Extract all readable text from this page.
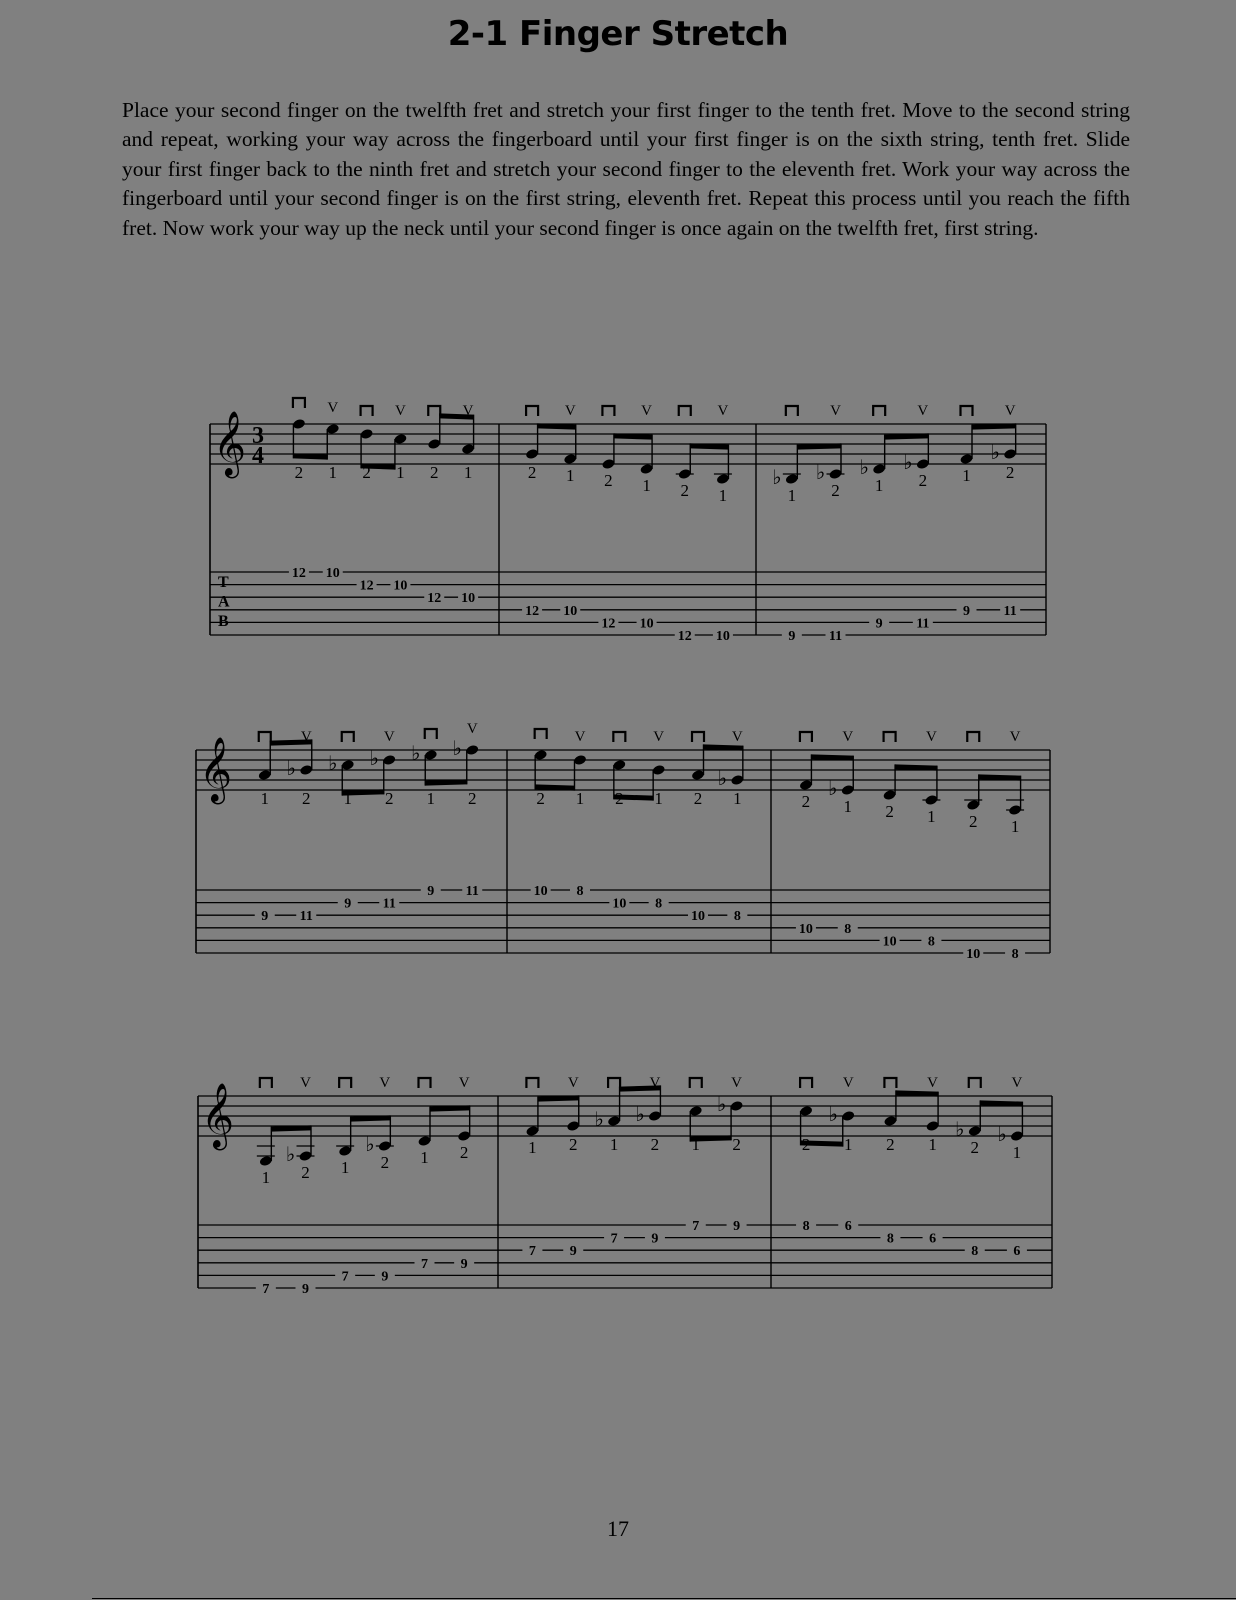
2-1 Finger Stretch

Place your second finger on the twelfth fret and stretch your first finger to the tenth fret. Move to the second string and repeat, working your way across the fingerboard until your first finger is on the sixth string, tenth fret. Slide your first finger back to the ninth fret and stretch your second finger to the eleventh fret. Work your way across the fingerboard until your second finger is on the first string, eleventh fret. Repeat this process until you reach the fifth fret. Now work your way up the neck until your second finger is once again on the twelfth fret, first string.

𝄞 3
4
T
A
B
2 1 2 1 2 1
12
V
10
12
V
10
12
V
10
2 1 2 1 2 1
12
V
10
12
V
10
12
V
10
1 2 1 2 1 2
♭
9
♭
V
11
♭
9
♭
V
11
9
♭
V
11
𝄞 1 2 1 2 1 2
9
♭
V
11
♭
9
♭
V
11
♭
9
♭
V
11
2 1 2 1 2 1
10
V
8
10
V
8
10
♭
V
8
2 1 2 1 2 1
10
♭
V
8
10
V
8
10
V
8
𝄞
1 2 1 2 1 2
7
♭
V
9
7
♭
V
9
7
V
9
1 2 1 2 1 2
7
V
9
♭
7
♭
V
9
7
♭
V
9
2 1 2 1 2 1
8
♭
V
6
8
V
6
♭
8
♭
V
6
17
